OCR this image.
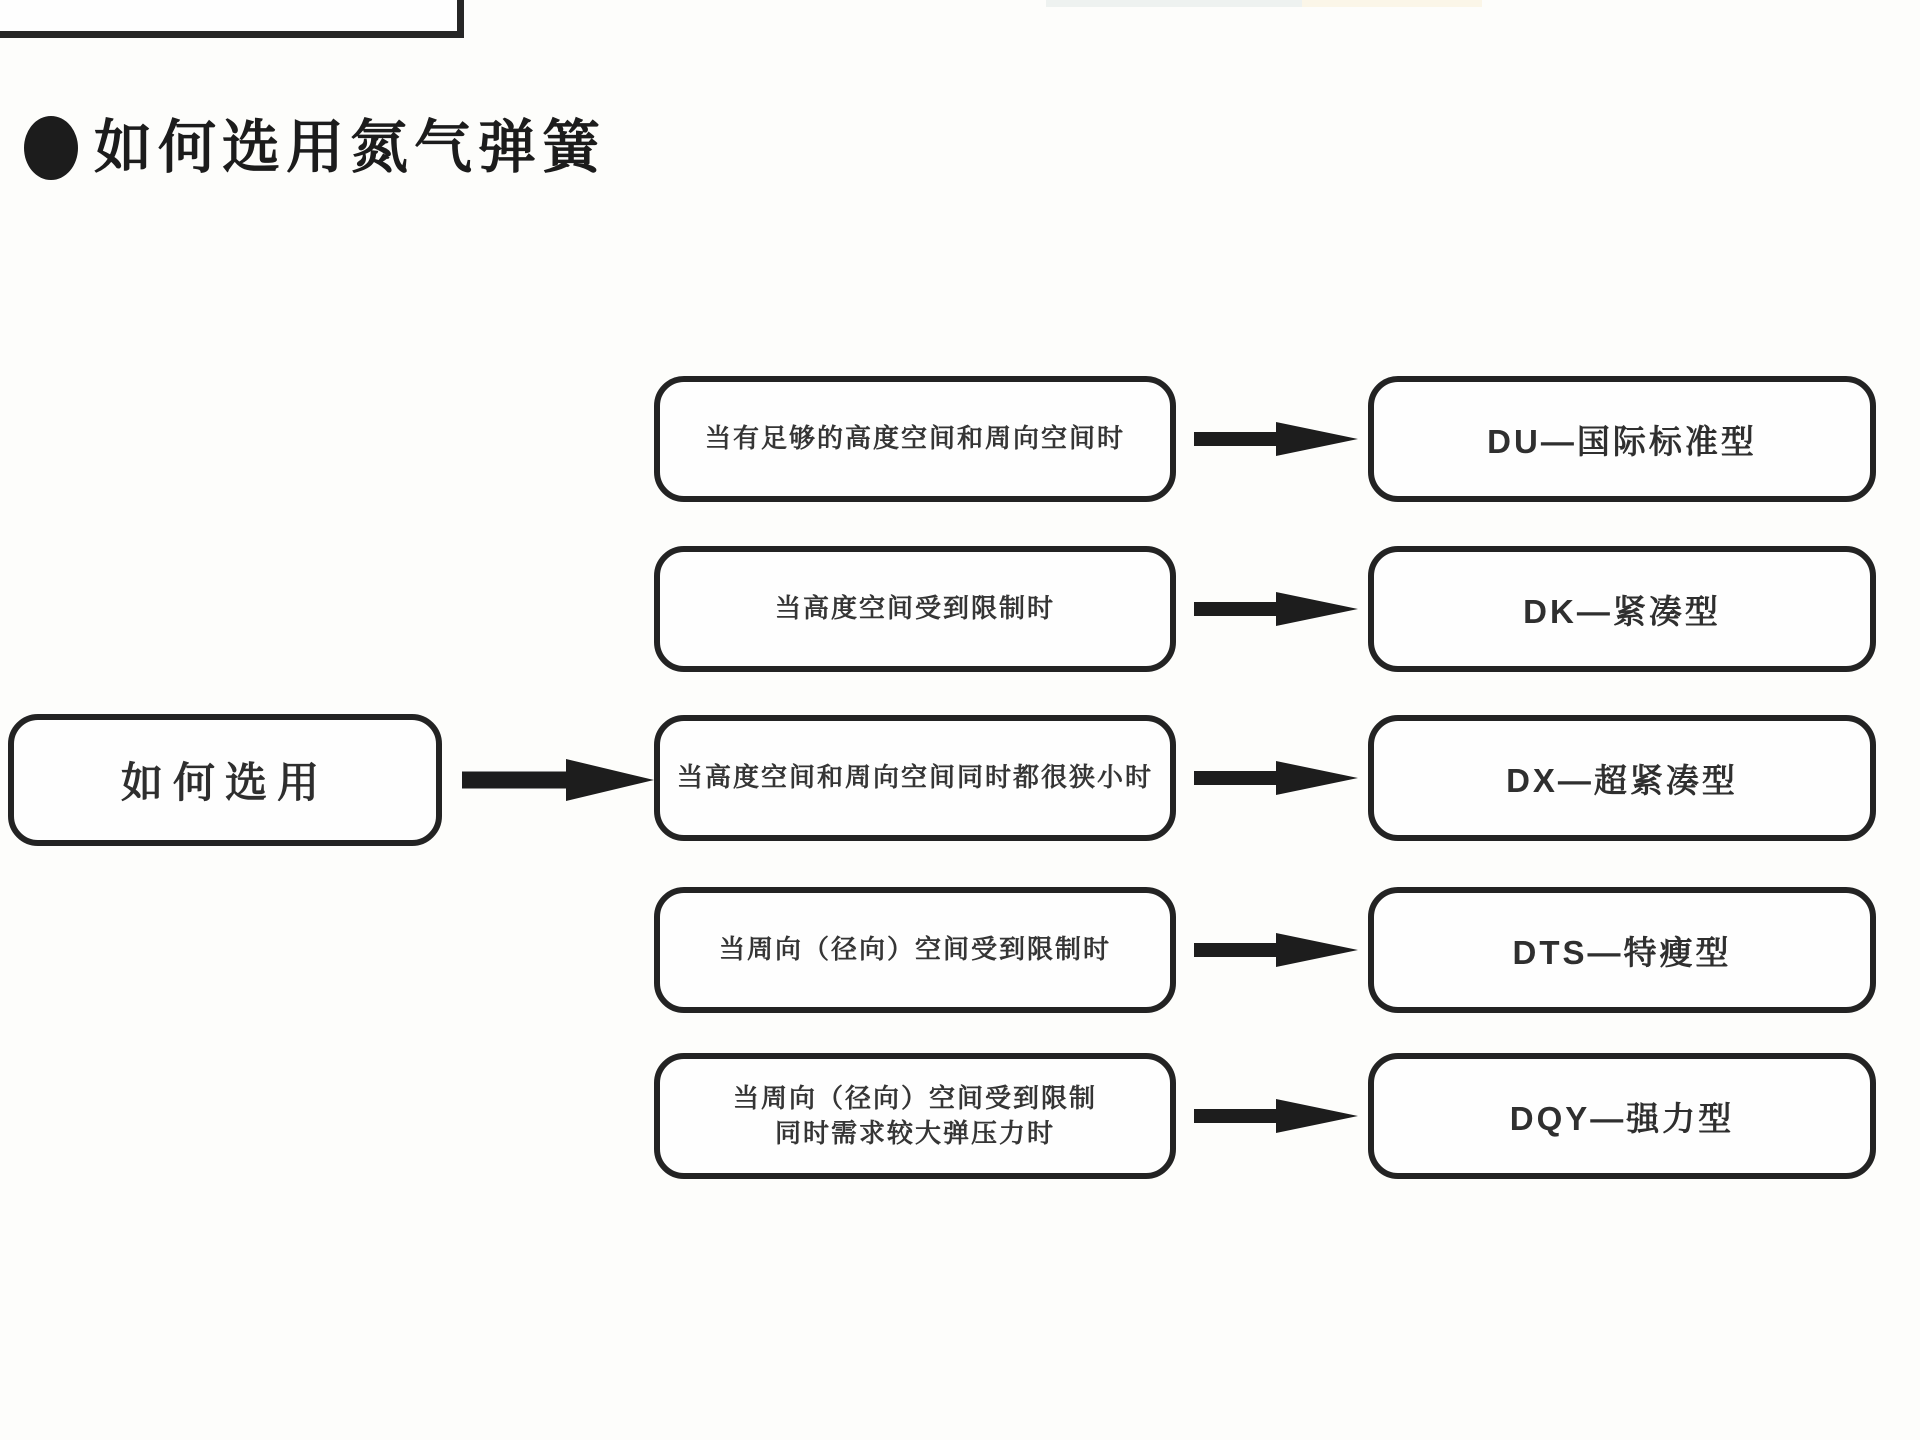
如何选用氮气弹簧
如何选用
当有足够的高度空间和周向空间时	DU—国际标准型
当高度空间受到限制时	DK—紧凑型
当高度空间和周向空间同时都很狭小时	DX—超紧凑型
当周向（径向）空间受到限制时	DTS—特瘦型
当周向（径向）空间受到限制
同时需求较大弹压力时	DQY—强力型
